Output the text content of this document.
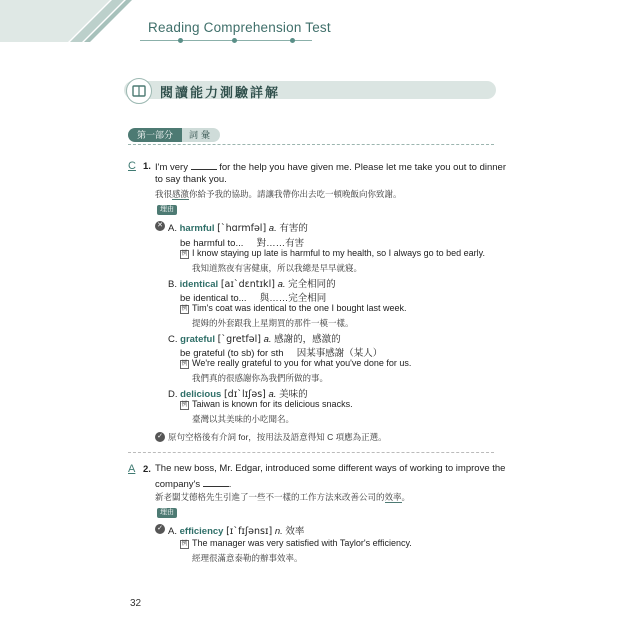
Reading Comprehension Test
閱讀能力測驗詳解
第一部分	詞彙
C 1. I'm very	for the help you have given me. Please let me take you out to dinner
to say thank you.
我很感激你給予我的協助。請讓我帶你出去吃一頓晚飯向你致謝。
理由
✕ A. harmful [ˋhɑrmfəl] a. 有害的
be harmful to... 對……有害
例 I know staying up late is harmful to my health, so I always go to bed early.
我知道熬夜有害健康，所以我總是早早就寢。
B. identical [aɪˋdɛntɪkl] a. 完全相同的
be identical to... 與……完全相同
例 Tim's coat was identical to the one I bought last week.
提姆的外套跟我上星期買的那件一模一樣。
C. grateful [ˋgretfəl] a. 感謝的，感激的
be grateful (to sb) for sth 因某事感謝（某人）
例 We're really grateful to you for what you've done for us.
我們真的很感謝你為我們所做的事。
D. delicious [dɪˋlɪʃəs] a. 美味的
例 Taiwan is known for its delicious snacks.
臺灣以其美味的小吃聞名。
✓ 原句空格後有介詞 for，按用法及語意得知 C 項應為正選。
A 2. The new boss, Mr. Edgar, introduced some different ways of working to improve the
company's	.
新老闆艾德格先生引進了一些不一樣的工作方法來改善公司的效率。
理由
✓ A. efficiency [ɪˋfɪʃənsɪ] n. 效率
例 The manager was very satisfied with Taylor's efficiency.
經理很滿意泰勒的辦事效率。
32
